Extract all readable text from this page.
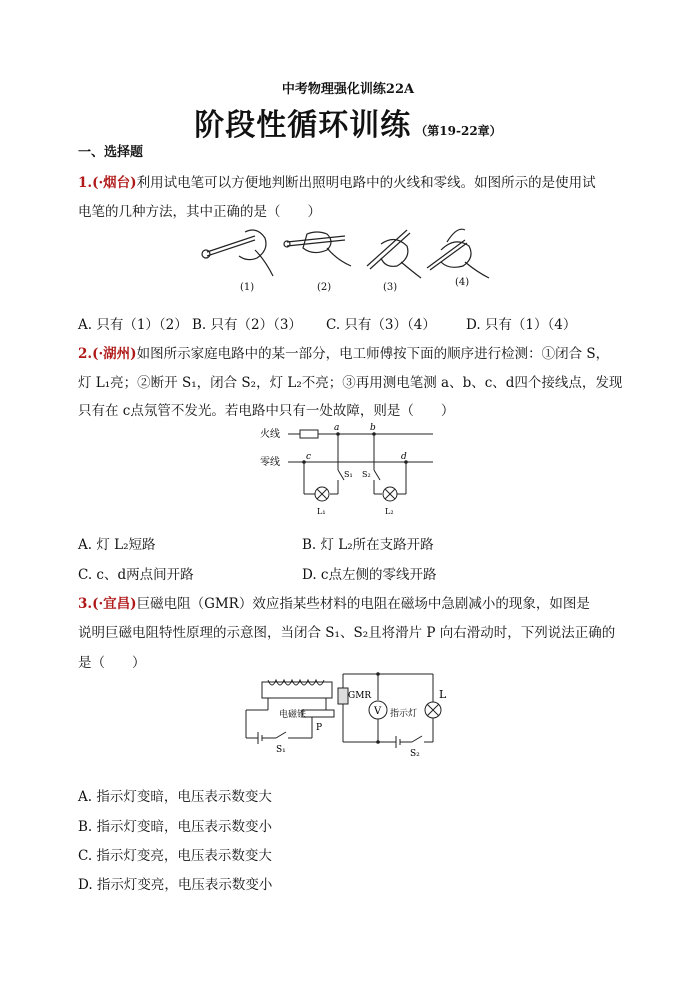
中考物理强化训练22A
阶段性循环训练 （第19-22章）
一、选择题
1.(·烟台)利用试电笔可以方便地判断出照明电路中的火线和零线。如图所示的是使用试
电笔的几种方法，其中正确的是（　　）
(1)	(2)	(3)	(4)
A. 只有（1）（2） B. 只有（2）（3） C. 只有（3）（4） D. 只有（1）（4）
2.(·湖州)如图所示家庭电路中的某一部分，电工师傅按下面的顺序进行检测：①闭合 S，
灯 L₁亮；②断开 S₁，闭合 S₂，灯 L₂不亮；③再用测电笔测 a、b、c、d四个接线点，发现
只有在 c点氖管不发光。若电路中只有一处故障，则是（　　）
火线
零线
a	b
c	d
S₁ S₂
L₁	L₂
A. 灯 L₂短路	B. 灯 L₂所在支路开路
C. c、d两点间开路	D. c点左侧的零线开路
3.(·宜昌)巨磁电阻（GMR）效应指某些材料的电阻在磁场中急剧减小的现象，如图是
说明巨磁电阻特性原理的示意图，当闭合 S₁、S₂且将滑片 P 向右滑动时，下列说法正确的
是（　　）
电磁铁
GMR
V 指示灯
L
P
S₁	S₂
A. 指示灯变暗，电压表示数变大
B. 指示灯变暗，电压表示数变小
C. 指示灯变亮，电压表示数变大
D. 指示灯变亮，电压表示数变小
